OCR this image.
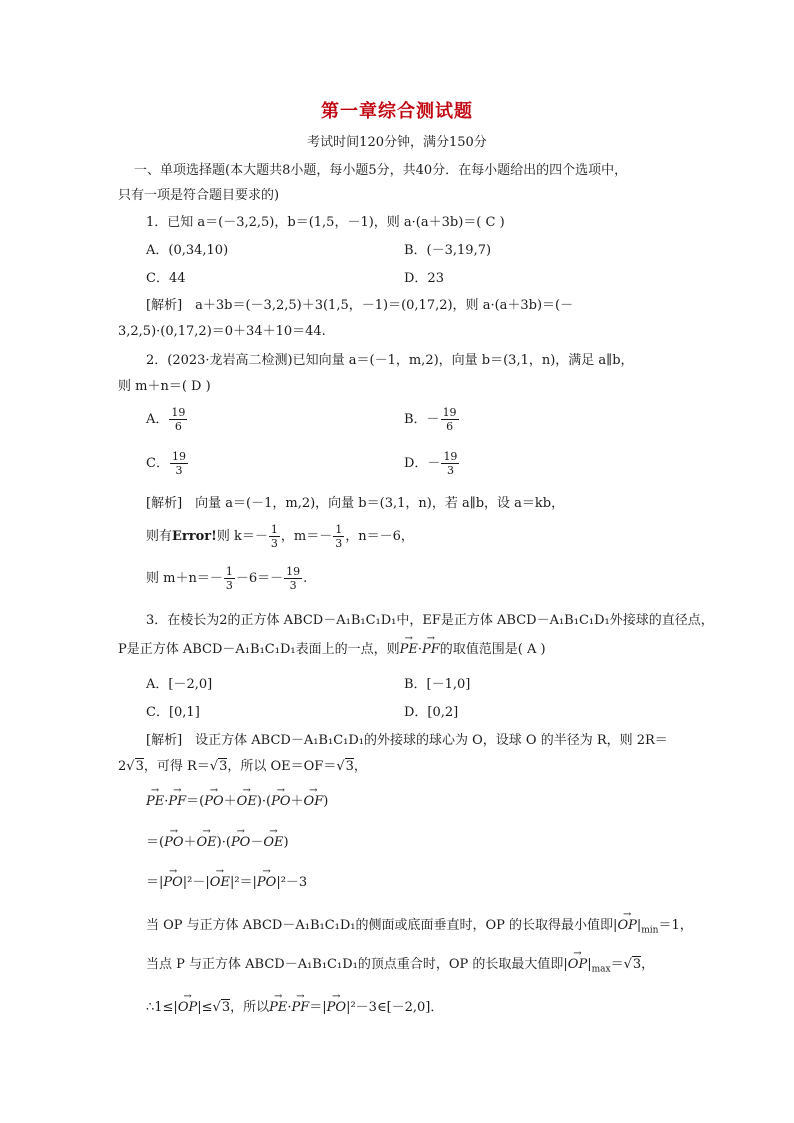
第一章综合测试题
考试时间120分钟，满分150分
一、单项选择题(本大题共8小题，每小题5分，共40分．在每小题给出的四个选项中，
只有一项是符合题目要求的)
1．已知 a＝(－3,2,5)，b＝(1,5，－1)，则 a·(a＋3b)＝( C )
A．(0,34,10)	B．(－3,19,7)
C．44	D．23
[解析]　a＋3b＝(－3,2,5)＋3(1,5，－1)＝(0,17,2)，则 a·(a＋3b)＝(－
3,2,5)·(0,17,2)＝0＋34＋10＝44.
2．(2023·龙岩高二检测)已知向量 a＝(－1，m,2)，向量 b＝(3,1，n)，满足 a∥b，
则 m＋n＝( D )
A． $\frac{19}{6}$	B．－ $\frac{19}{6}$
C． $\frac{19}{3}$	D．－ $\frac{19}{3}$
[解析]　向量 a＝(－1，m,2)，向量 b＝(3,1，n)，若 a∥b，设 a＝kb，
则有Error!则 $k=- \frac{1}{3}$ ，$m=- \frac{1}{3}$ ，n＝－6，
则 $m+n=- \frac{1}{3} -6=- \frac{19}{3}$ .
3．在棱长为2的正方体 ABCD－A₁B₁C₁D₁中，EF是正方体 ABCD－A₁B₁C₁D₁外接球的直径点，
P是正方体 ABCD－A₁B₁C₁D₁表面上的一点，则→ PE·→ PF的取值范围是( A )
A．[－2,0]	B．[－1,0]
C．[0,1]	D．[0,2]
[解析]　设正方体 ABCD－A₁B₁C₁D₁的外接球的球心为 O，设球 O 的半径为 R，则 2R＝
2√3，可得 R＝√3，所以 OE＝OF＝√3，
→ PE·→ PF＝(→ PO＋→ OE)·(→ PO＋→ OF)
＝(→ PO＋→ OE)·(→ PO－→ OE)
＝|→ PO|²－|→ OE|²＝|→ PO|²－3
当 OP 与正方体 ABCD－A₁B₁C₁D₁的侧面或底面垂直时，OP 的长取得最小值即|→ $OP|_{min}=1$，
当点 P 与正方体 ABCD－A₁B₁C₁D₁的顶点重合时，OP 的长取最大值即|→ $OP|_{max}=√3$，
∴1≤|→ OP|≤√3，所以→ PE·→ PF＝|→ PO|²－3∈[－2,0]．
